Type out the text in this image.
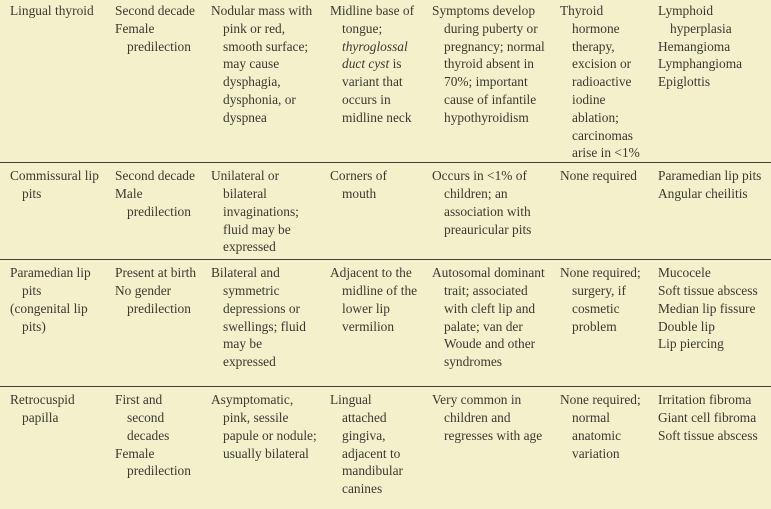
Lingual thyroid	Second decade
Female predilection
Nodular mass with pink or red, smooth surface; may cause dysphagia, dysphonia, or dyspnea
Midline base of tongue; thyroglossal duct cyst is variant that occurs in midline neck
Symptoms develop during puberty or pregnancy; normal thyroid absent in 70%; important cause of infantile hypothyroidism
Thyroid hormone therapy, excision or radioactive iodine ablation; carcinomas arise in <1%
Lymphoid hyperplasia
Hemangioma
Lymphangioma
Epiglottis
Commissural lip pits
Second decade
Male predilection
Unilateral or bilateral invaginations; fluid may be expressed
Corners of mouth
Occurs in <1% of children; an association with preauricular pits
None required	Paramedian lip pits
Angular cheilitis
Paramedian lip pits
(congenital lip pits)
Present at birth
No gender predilection
Bilateral and symmetric depressions or swellings; fluid may be expressed
Adjacent to the midline of the lower lip vermilion
Autosomal dominant trait; associated with cleft lip and palate; van der Woude and other syndromes
None required; surgery, if cosmetic problem
Mucocele
Soft tissue abscess
Median lip fissure
Double lip
Lip piercing
Retrocuspid papilla
First and second decades
Female predilection
Asymptomatic, pink, sessile papule or nodule; usually bilateral
Lingual attached gingiva, adjacent to mandibular canines
Very common in children and regresses with age
None required; normal anatomic variation
Irritation fibroma
Giant cell fibroma
Soft tissue abscess
